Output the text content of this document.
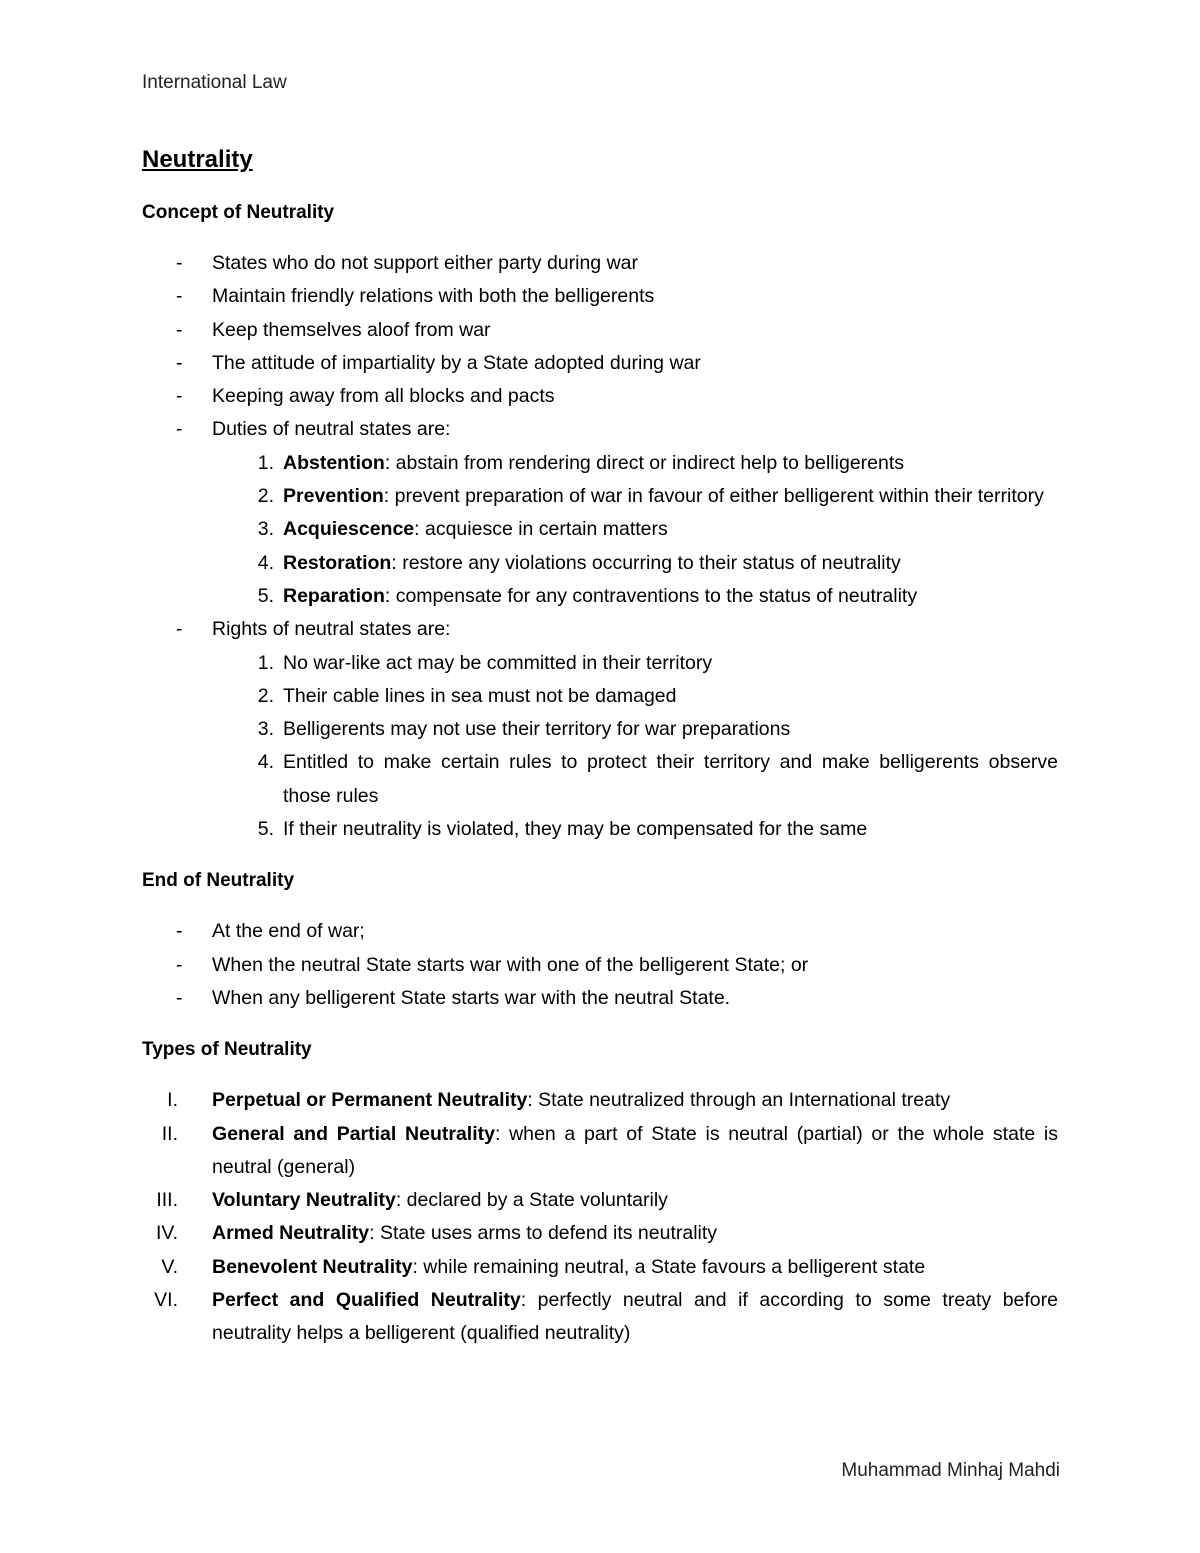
International Law
Neutrality
Concept of Neutrality
- States who do not support either party during war
- Maintain friendly relations with both the belligerents
- Keep themselves aloof from war
- The attitude of impartiality by a State adopted during war
- Keeping away from all blocks and pacts
- Duties of neutral states are:
1. Abstention: abstain from rendering direct or indirect help to belligerents
2. Prevention: prevent preparation of war in favour of either belligerent within their territory
3. Acquiescence: acquiesce in certain matters
4. Restoration: restore any violations occurring to their status of neutrality
5. Reparation: compensate for any contraventions to the status of neutrality
- Rights of neutral states are:
1. No war-like act may be committed in their territory
2. Their cable lines in sea must not be damaged
3. Belligerents may not use their territory for war preparations
4. Entitled to make certain rules to protect their territory and make belligerents observe those rules
5. If their neutrality is violated, they may be compensated for the same
End of Neutrality
- At the end of war;
- When the neutral State starts war with one of the belligerent State; or
- When any belligerent State starts war with the neutral State.
Types of Neutrality
I. Perpetual or Permanent Neutrality: State neutralized through an International treaty
II. General and Partial Neutrality: when a part of State is neutral (partial) or the whole state is neutral (general)
III. Voluntary Neutrality: declared by a State voluntarily
IV. Armed Neutrality: State uses arms to defend its neutrality
V. Benevolent Neutrality: while remaining neutral, a State favours a belligerent state
VI. Perfect and Qualified Neutrality: perfectly neutral and if according to some treaty before neutrality helps a belligerent (qualified neutrality)
Muhammad Minhaj Mahdi
